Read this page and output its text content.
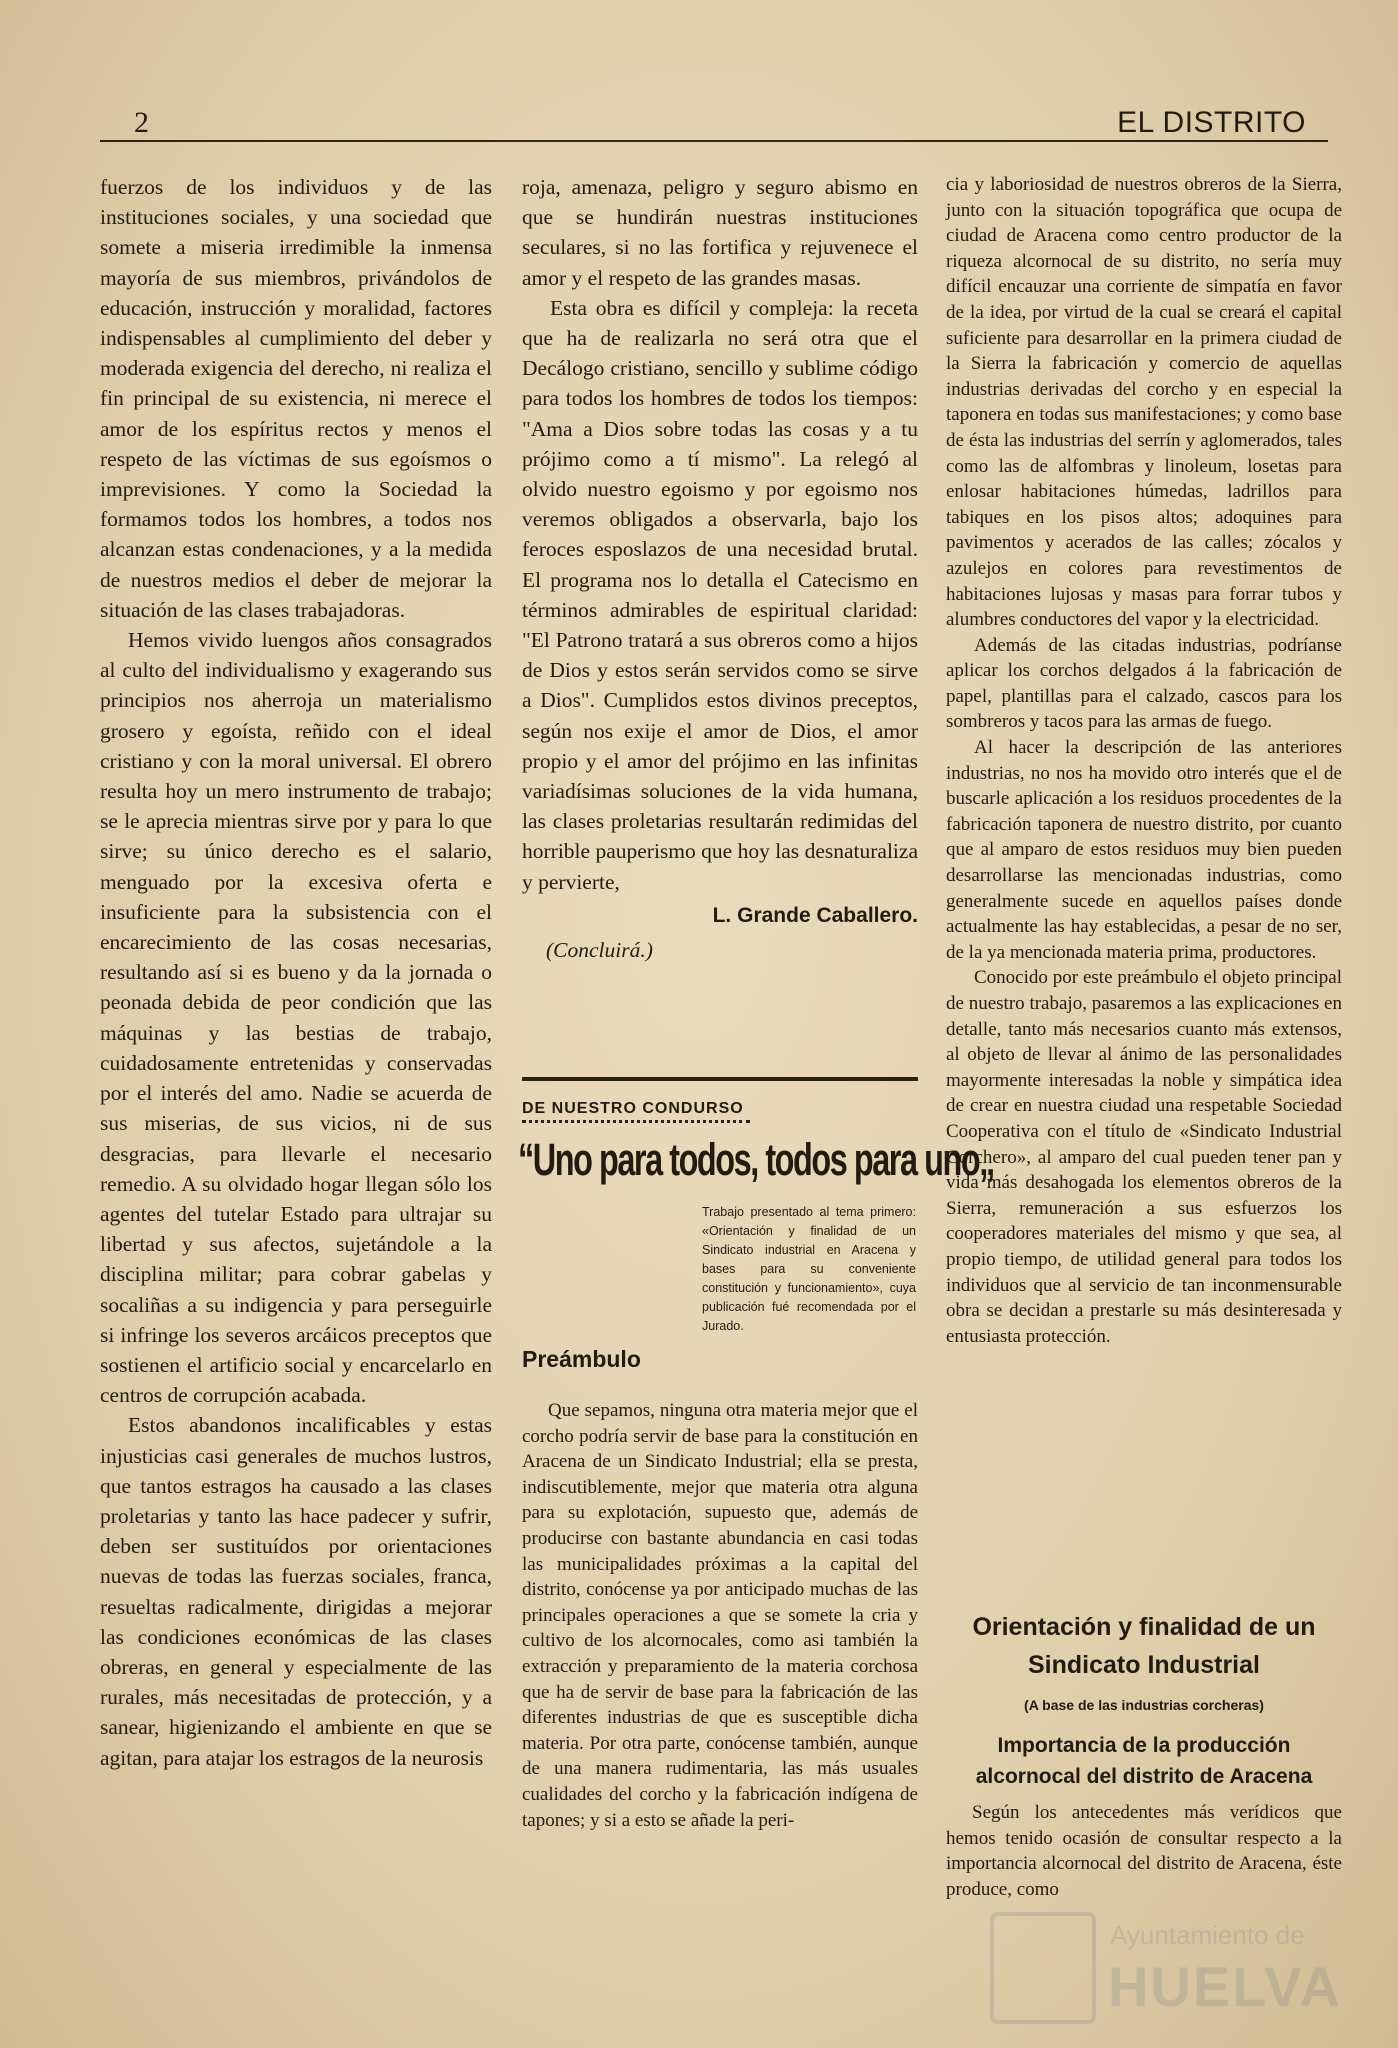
2	EL DISTRITO

fuerzos de los individuos y de las instituciones sociales, y una sociedad que somete a miseria irredimible la inmensa mayoría de sus miembros, privándolos de educación, instrucción y moralidad, factores indispensables al cumplimiento del deber y moderada exigencia del derecho, ni realiza el fin principal de su existencia, ni merece el amor de los espíritus rectos y menos el respeto de las víctimas de sus egoísmos o imprevisiones. Y como la Sociedad la formamos todos los hombres, a todos nos alcanzan estas condenaciones, y a la medida de nuestros medios el deber de mejorar la situación de las clases trabajadoras.

Hemos vivido luengos años consagrados al culto del individualismo y exagerando sus principios nos aherroja un materialismo grosero y egoísta, reñido con el ideal cristiano y con la moral universal. El obrero resulta hoy un mero instrumento de trabajo; se le aprecia mientras sirve por y para lo que sirve; su único derecho es el salario, menguado por la excesiva oferta e insuficiente para la subsistencia con el encarecimiento de las cosas necesarias, resultando así si es bueno y da la jornada o peonada debida de peor condición que las máquinas y las bestias de trabajo, cuidadosamente entretenidas y conservadas por el interés del amo. Nadie se acuerda de sus miserias, de sus vicios, ni de sus desgracias, para llevarle el necesario remedio. A su olvidado hogar llegan sólo los agentes del tutelar Estado para ultrajar su libertad y sus afectos, sujetándole a la disciplina militar; para cobrar gabelas y socaliñas a su indigencia y para perseguirle si infringe los severos arcáicos preceptos que sostienen el artificio social y encarcelarlo en centros de corrupción acabada.

Estos abandonos incalificables y estas injusticias casi generales de muchos lustros, que tantos estragos ha causado a las clases proletarias y tanto las hace padecer y sufrir, deben ser sustituídos por orientaciones nuevas de todas las fuerzas sociales, franca, resueltas radicalmente, dirigidas a mejorar las condiciones económicas de las clases obreras, en general y especialmente de las rurales, más necesitadas de protección, y a sanear, higienizando el ambiente en que se agitan, para atajar los estragos de la neurosis

roja, amenaza, peligro y seguro abismo en que se hundirán nuestras instituciones seculares, si no las fortifica y rejuvenece el amor y el respeto de las grandes masas.

Esta obra es difícil y compleja: la receta que ha de realizarla no será otra que el Decálogo cristiano, sencillo y sublime código para todos los hombres de todos los tiempos: "Ama a Dios sobre todas las cosas y a tu prójimo como a tí mismo". La relegó al olvido nuestro egoismo y por egoismo nos veremos obligados a observarla, bajo los feroces esposlazos de una necesidad brutal. El programa nos lo detalla el Catecismo en términos admirables de espiritual claridad: "El Patrono tratará a sus obreros como a hijos de Dios y estos serán servidos como se sirve a Dios". Cumplidos estos divinos preceptos, según nos exije el amor de Dios, el amor propio y el amor del prójimo en las infinitas variadísimas soluciones de la vida humana, las clases proletarias resultarán redimidas del horrible pauperismo que hoy las desnaturaliza y pervierte,

L. Grande Caballero.

(Concluirá.)

DE NUESTRO CONDURSO
“Uno para todos, todos para uno„
Trabajo presentado al tema primero: «Orientación y finalidad de un Sindicato industrial en Aracena y bases para su conveniente constitución y funcionamiento», cuya publicación fué recomendada por el Jurado.
Preámbulo

Que sepamos, ninguna otra materia mejor que el corcho podría servir de base para la constitución en Aracena de un Sindicato Industrial; ella se presta, indiscutiblemente, mejor que materia otra alguna para su explotación, supuesto que, además de producirse con bastante abundancia en casi todas las municipalidades próximas a la capital del distrito, conócense ya por anticipado muchas de las principales operaciones a que se somete la cria y cultivo de los alcornocales, como asi también la extracción y preparamiento de la materia corchosa que ha de servir de base para la fabricación de las diferentes industrias de que es susceptible dicha materia. Por otra parte, conócense también, aunque de una manera rudimentaria, las más usuales cualidades del corcho y la fabricación indígena de tapones; y si a esto se añade la peri-

cia y laboriosidad de nuestros obreros de la Sierra, junto con la situación topográfica que ocupa de ciudad de Aracena como centro productor de la riqueza alcornocal de su distrito, no sería muy difícil encauzar una corriente de simpatía en favor de la idea, por virtud de la cual se creará el capital suficiente para desarrollar en la primera ciudad de la Sierra la fabricación y comercio de aquellas industrias derivadas del corcho y en especial la taponera en todas sus manifestaciones; y como base de ésta las industrias del serrín y aglomerados, tales como las de alfombras y linoleum, losetas para enlosar habitaciones húmedas, ladrillos para tabiques en los pisos altos; adoquines para pavimentos y acerados de las calles; zócalos y azulejos en colores para revestimentos de habitaciones lujosas y masas para forrar tubos y alumbres conductores del vapor y la electricidad.

Además de las citadas industrias, podríanse aplicar los corchos delgados á la fabricación de papel, plantillas para el calzado, cascos para los sombreros y tacos para las armas de fuego.

Al hacer la descripción de las anteriores industrias, no nos ha movido otro interés que el de buscarle aplicación a los residuos procedentes de la fabricación taponera de nuestro distrito, por cuanto que al amparo de estos residuos muy bien pueden desarrollarse las mencionadas industrias, como generalmente sucede en aquellos países donde actualmente las hay establecidas, a pesar de no ser, de la ya mencionada materia prima, productores.

Conocido por este preámbulo el objeto principal de nuestro trabajo, pasaremos a las explicaciones en detalle, tanto más necesarios cuanto más extensos, al objeto de llevar al ánimo de las personalidades mayormente interesadas la noble y simpática idea de crear en nuestra ciudad una respetable Sociedad Cooperativa con el título de «Sindicato Industrial Corchero», al amparo del cual pueden tener pan y vida más desahogada los elementos obreros de la Sierra, remuneración a sus esfuerzos los cooperadores materiales del mismo y que sea, al propio tiempo, de utilidad general para todos los individuos que al servicio de tan inconmensurable obra se decidan a prestarle su más desinteresada y entusiasta protección.

Orientación y finalidad de un Sindicato Industrial
(A base de las industrias corcheras)
Importancia de la producción alcornocal del distrito de Aracena

Según los antecedentes más verídicos que hemos tenido ocasión de consultar respecto a la importancia alcornocal del distrito de Aracena, éste produce, como

Ayuntamiento de
HUELVA
